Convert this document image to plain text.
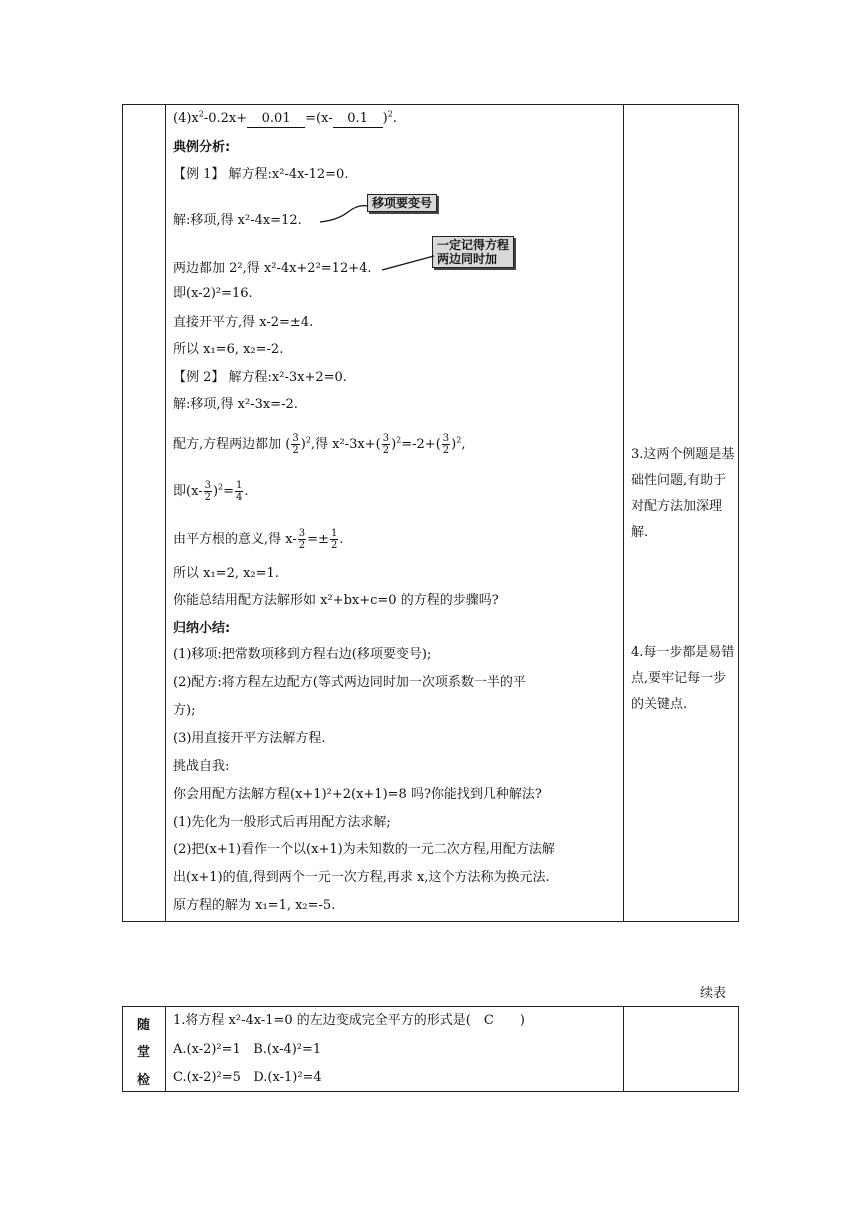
$(4)x^2-0.2x+ 0.01 =(x-$ 0.1 )$^2$.
典例分析:
【例 1】 解方程:x²-4x-12=0.
解:移项,得 x²-4x=12.
移项要变号
一定记得方程
两边同时加
两边都加 2²,得 x²-4x+2²=12+4.
即(x-2)²=16.
直接开平方,得 x-2=±4.
所以 x₁=6, x₂=-2.
【例 2】 解方程:x²-3x+2=0.
解:移项,得 x²-3x=-2.
配方,方程两边都加 ( $\frac{3}{2} )^2$,得 $x^2-3x+( \frac{3}{2} )^2=-2+( \frac{3}{2} )^2$,
即$(x- \frac{3}{2} )^2= \frac{1}{4}$ .
由平方根的意义,得 $x- \frac{3}{2} =\pm \frac{1}{2}$ .
所以 x₁=2, x₂=1.
你能总结用配方法解形如 x²+bx+c=0 的方程的步骤吗?
归纳小结:
(1)移项:把常数项移到方程右边(移项要变号);
(2)配方:将方程左边配方(等式两边同时加一次项系数一半的平
方);
(3)用直接开平方法解方程.
挑战自我:
你会用配方法解方程(x+1)²+2(x+1)=8 吗?你能找到几种解法?
(1)先化为一般形式后再用配方法求解;
(2)把(x+1)看作一个以(x+1)为未知数的一元二次方程,用配方法解
出(x+1)的值,得到两个一元一次方程,再求 x,这个方法称为换元法.
原方程的解为 x₁=1, x₂=-5.
3.这两个例题是基础性问题,有助于对配方法加深理解.
4.每一步都是易错点,要牢记每一步的关键点.
续表
随
堂
检
1.将方程 x²-4x-1=0 的左边变成完全平方的形式是(　C　　)
A.(x-2)²=1 B.(x-4)²=1
C.(x-2)²=5 D.(x-1)²=4
